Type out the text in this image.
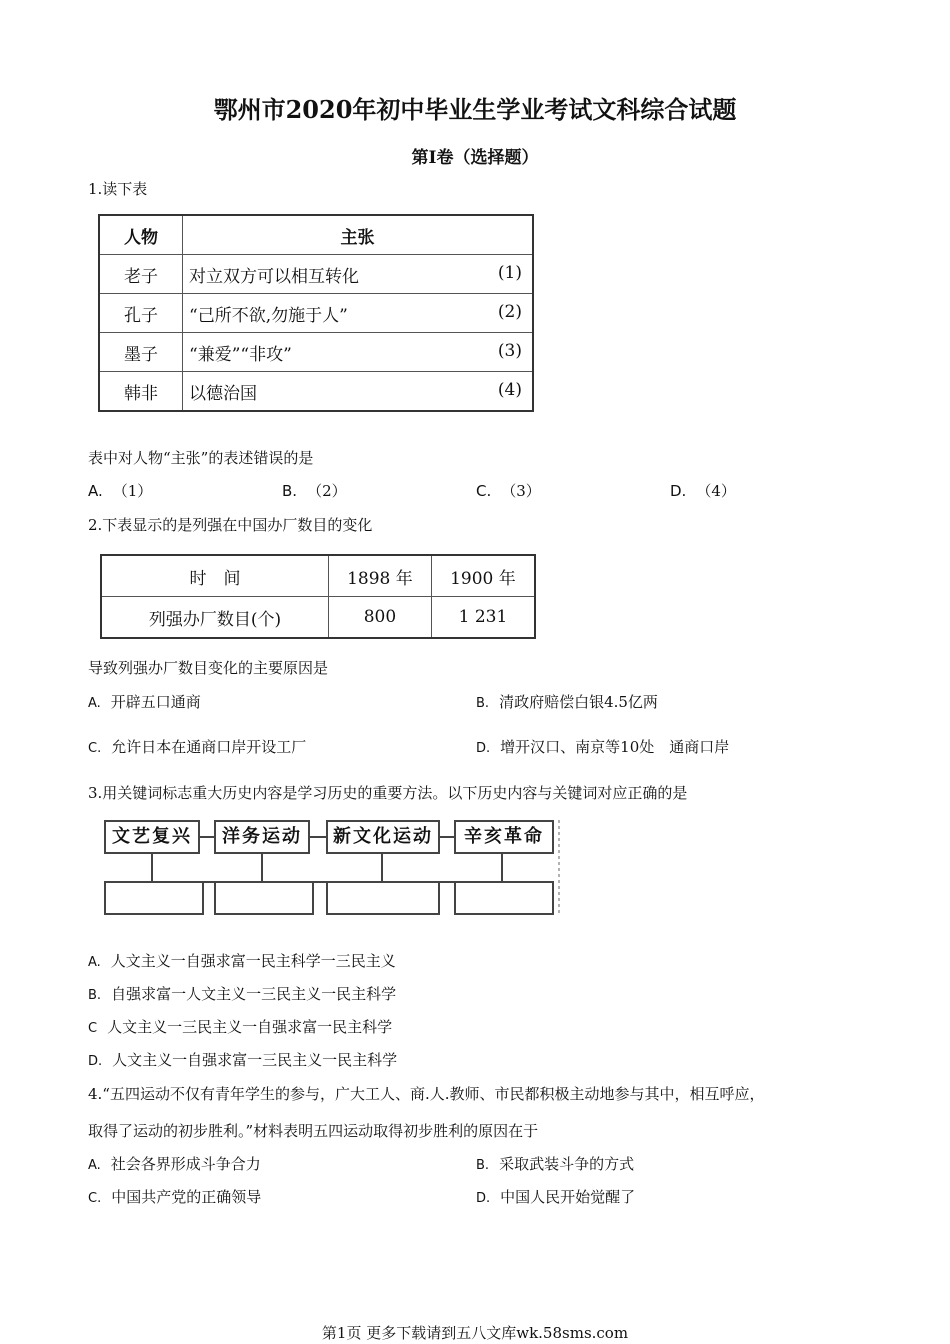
鄂州市2020年初中毕业生学业考试文科综合试题
第Ⅰ卷（选择题）
1.读下表
人物	主张
老子	对立双方可以相互转化 (1)

孔子	“己所不欲,勿施于人” (2)

墨子	“兼爱”“非攻” (3)

韩非	以德治国 (4)
表中对人物“主张”的表述错误的是
A. （1）	B. （2）	C. （3）	D. （4）
2.下表显示的是列强在中国办厂数目的变化
时　间	1898 年	1900 年
列强办厂数目(个)	800	1 231
导致列强办厂数目变化的主要原因是
A. 开辟五口通商	B. 清政府赔偿白银4.5亿两
C. 允许日本在通商口岸开设工厂	D. 增开汉口、南京等10处　通商口岸
3.用关键词标志重大历史内容是学习历史的重要方法。以下历史内容与关键词对应正确的是
文艺复兴	洋务运动	新文化运动	辛亥革命
A. 人文主义一自强求富一民主科学一三民主义
B. 自强求富一人文主义一三民主义一民主科学
C 人文主义一三民主义一自强求富一民主科学
D. 人文主义一自强求富一三民主义一民主科学
4.“五四运动不仅有青年学生的参与，广大工人、商.人.教师、市民都积极主动地参与其中，相互呼应，
取得了运动的初步胜利。”材料表明五四运动取得初步胜利的原因在于
A. 社会各界形成斗争合力	B. 采取武装斗争的方式
C. 中国共产党的正确领导	D. 中国人民开始觉醒了
第1页 更多下载请到五八文库wk.58sms.com
